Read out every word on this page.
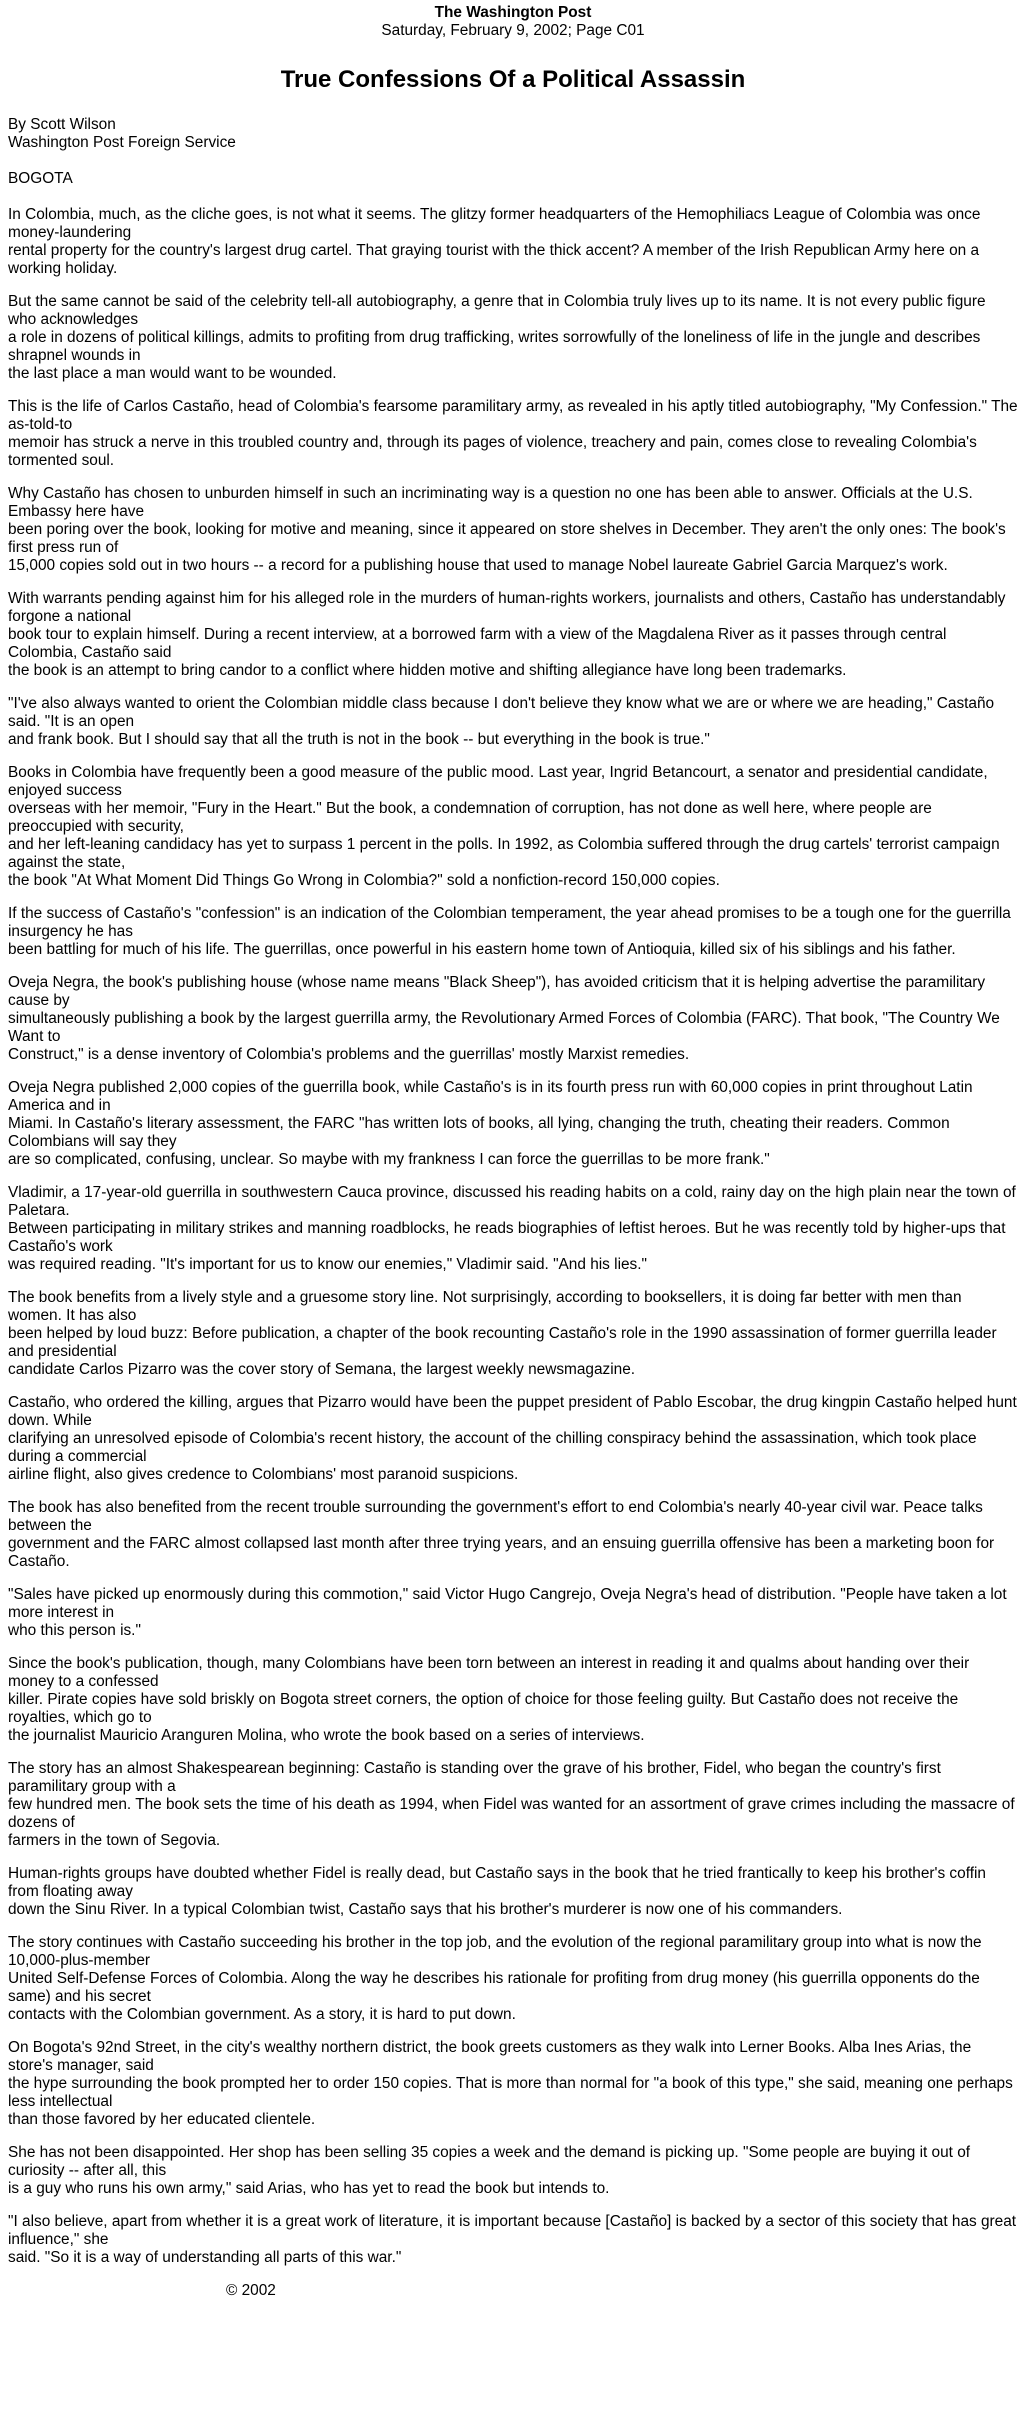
The Washington Post
Saturday, February 9, 2002; Page C01
True Confessions Of a Political Assassin
By Scott Wilson
Washington Post Foreign Service
BOGOTA

In Colombia, much, as the cliche goes, is not what it seems. The glitzy former headquarters of the Hemophiliacs League of Colombia was once money-laundering
rental property for the country's largest drug cartel. That graying tourist with the thick accent? A member of the Irish Republican Army here on a working holiday.

But the same cannot be said of the celebrity tell-all autobiography, a genre that in Colombia truly lives up to its name. It is not every public figure who acknowledges
a role in dozens of political killings, admits to profiting from drug trafficking, writes sorrowfully of the loneliness of life in the jungle and describes shrapnel wounds in
the last place a man would want to be wounded.

This is the life of Carlos Castaño, head of Colombia's fearsome paramilitary army, as revealed in his aptly titled autobiography, "My Confession." The as-told-to
memoir has struck a nerve in this troubled country and, through its pages of violence, treachery and pain, comes close to revealing Colombia's tormented soul.

Why Castaño has chosen to unburden himself in such an incriminating way is a question no one has been able to answer. Officials at the U.S. Embassy here have
been poring over the book, looking for motive and meaning, since it appeared on store shelves in December. They aren't the only ones: The book's first press run of
15,000 copies sold out in two hours -- a record for a publishing house that used to manage Nobel laureate Gabriel Garcia Marquez's work.

With warrants pending against him for his alleged role in the murders of human-rights workers, journalists and others, Castaño has understandably forgone a national
book tour to explain himself. During a recent interview, at a borrowed farm with a view of the Magdalena River as it passes through central Colombia, Castaño said
the book is an attempt to bring candor to a conflict where hidden motive and shifting allegiance have long been trademarks.

"I've also always wanted to orient the Colombian middle class because I don't believe they know what we are or where we are heading," Castaño said. "It is an open
and frank book. But I should say that all the truth is not in the book -- but everything in the book is true."

Books in Colombia have frequently been a good measure of the public mood. Last year, Ingrid Betancourt, a senator and presidential candidate, enjoyed success
overseas with her memoir, "Fury in the Heart." But the book, a condemnation of corruption, has not done as well here, where people are preoccupied with security,
and her left-leaning candidacy has yet to surpass 1 percent in the polls. In 1992, as Colombia suffered through the drug cartels' terrorist campaign against the state,
the book "At What Moment Did Things Go Wrong in Colombia?" sold a nonfiction-record 150,000 copies.

If the success of Castaño's "confession" is an indication of the Colombian temperament, the year ahead promises to be a tough one for the guerrilla insurgency he has
been battling for much of his life. The guerrillas, once powerful in his eastern home town of Antioquia, killed six of his siblings and his father.

Oveja Negra, the book's publishing house (whose name means "Black Sheep"), has avoided criticism that it is helping advertise the paramilitary cause by
simultaneously publishing a book by the largest guerrilla army, the Revolutionary Armed Forces of Colombia (FARC). That book, "The Country We Want to
Construct," is a dense inventory of Colombia's problems and the guerrillas' mostly Marxist remedies.

Oveja Negra published 2,000 copies of the guerrilla book, while Castaño's is in its fourth press run with 60,000 copies in print throughout Latin America and in
Miami. In Castaño's literary assessment, the FARC "has written lots of books, all lying, changing the truth, cheating their readers. Common Colombians will say they
are so complicated, confusing, unclear. So maybe with my frankness I can force the guerrillas to be more frank."

Vladimir, a 17-year-old guerrilla in southwestern Cauca province, discussed his reading habits on a cold, rainy day on the high plain near the town of Paletara.
Between participating in military strikes and manning roadblocks, he reads biographies of leftist heroes. But he was recently told by higher-ups that Castaño's work
was required reading. "It's important for us to know our enemies," Vladimir said. "And his lies."

The book benefits from a lively style and a gruesome story line. Not surprisingly, according to booksellers, it is doing far better with men than women. It has also
been helped by loud buzz: Before publication, a chapter of the book recounting Castaño's role in the 1990 assassination of former guerrilla leader and presidential
candidate Carlos Pizarro was the cover story of Semana, the largest weekly newsmagazine.

Castaño, who ordered the killing, argues that Pizarro would have been the puppet president of Pablo Escobar, the drug kingpin Castaño helped hunt down. While
clarifying an unresolved episode of Colombia's recent history, the account of the chilling conspiracy behind the assassination, which took place during a commercial
airline flight, also gives credence to Colombians' most paranoid suspicions.

The book has also benefited from the recent trouble surrounding the government's effort to end Colombia's nearly 40-year civil war. Peace talks between the
government and the FARC almost collapsed last month after three trying years, and an ensuing guerrilla offensive has been a marketing boon for Castaño.

"Sales have picked up enormously during this commotion," said Victor Hugo Cangrejo, Oveja Negra's head of distribution. "People have taken a lot more interest in
who this person is."

Since the book's publication, though, many Colombians have been torn between an interest in reading it and qualms about handing over their money to a confessed
killer. Pirate copies have sold briskly on Bogota street corners, the option of choice for those feeling guilty. But Castaño does not receive the royalties, which go to
the journalist Mauricio Aranguren Molina, who wrote the book based on a series of interviews.

The story has an almost Shakespearean beginning: Castaño is standing over the grave of his brother, Fidel, who began the country's first paramilitary group with a
few hundred men. The book sets the time of his death as 1994, when Fidel was wanted for an assortment of grave crimes including the massacre of dozens of
farmers in the town of Segovia.

Human-rights groups have doubted whether Fidel is really dead, but Castaño says in the book that he tried frantically to keep his brother's coffin from floating away
down the Sinu River. In a typical Colombian twist, Castaño says that his brother's murderer is now one of his commanders.

The story continues with Castaño succeeding his brother in the top job, and the evolution of the regional paramilitary group into what is now the 10,000-plus-member
United Self-Defense Forces of Colombia. Along the way he describes his rationale for profiting from drug money (his guerrilla opponents do the same) and his secret
contacts with the Colombian government. As a story, it is hard to put down.

On Bogota's 92nd Street, in the city's wealthy northern district, the book greets customers as they walk into Lerner Books. Alba Ines Arias, the store's manager, said
the hype surrounding the book prompted her to order 150 copies. That is more than normal for "a book of this type," she said, meaning one perhaps less intellectual
than those favored by her educated clientele.

She has not been disappointed. Her shop has been selling 35 copies a week and the demand is picking up. "Some people are buying it out of curiosity -- after all, this
is a guy who runs his own army," said Arias, who has yet to read the book but intends to.

"I also believe, apart from whether it is a great work of literature, it is important because [Castaño] is backed by a sector of this society that has great influence," she
said. "So it is a way of understanding all parts of this war."

© 2002
